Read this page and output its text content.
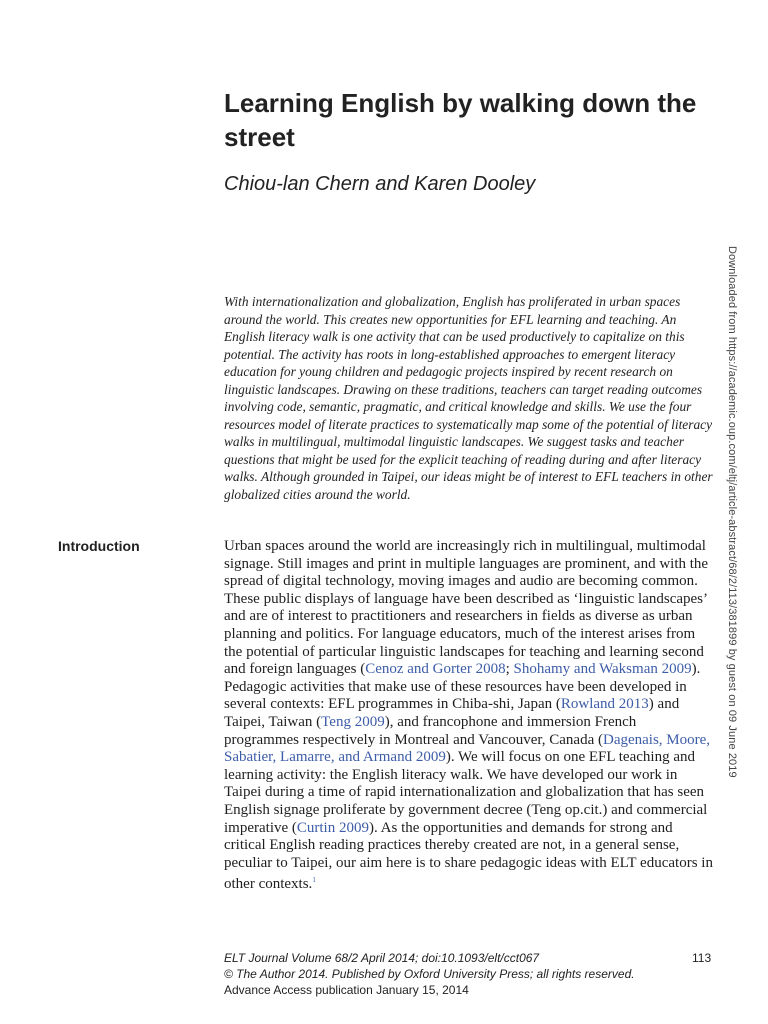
Learning English by walking down the street

Chiou-lan Chern and Karen Dooley

Downloaded from https://academic.oup.com/eltj/article-abstract/68/2/113/381899 by guest on 09 June 2019

With internationalization and globalization, English has proliferated in urban spaces around the world. This creates new opportunities for EFL learning and teaching. An English literacy walk is one activity that can be used productively to capitalize on this potential. The activity has roots in long-established approaches to emergent literacy education for young children and pedagogic projects inspired by recent research on linguistic landscapes. Drawing on these traditions, teachers can target reading outcomes involving code, semantic, pragmatic, and critical knowledge and skills. We use the four resources model of literate practices to systematically map some of the potential of literacy walks in multilingual, multimodal linguistic landscapes. We suggest tasks and teacher questions that might be used for the explicit teaching of reading during and after literacy walks. Although grounded in Taipei, our ideas might be of interest to EFL teachers in other globalized cities around the world.

Introduction	Urban spaces around the world are increasingly rich in multilingual, multimodal signage. Still images and print in multiple languages are prominent, and with the spread of digital technology, moving images and audio are becoming common. These public displays of language have been described as ‘linguistic landscapes’ and are of interest to practitioners and researchers in fields as diverse as urban planning and politics. For language educators, much of the interest arises from the potential of particular linguistic landscapes for teaching and learning second and foreign languages (Cenoz and Gorter 2008; Shohamy and Waksman 2009). Pedagogic activities that make use of these resources have been developed in several contexts: EFL programmes in Chiba-shi, Japan (Rowland 2013) and Taipei, Taiwan (Teng 2009), and francophone and immersion French programmes respectively in Montreal and Vancouver, Canada (Dagenais, Moore, Sabatier, Lamarre, and Armand 2009). We will focus on one EFL teaching and learning activity: the English literacy walk. We have developed our work in Taipei during a time of rapid internationalization and globalization that has seen English signage proliferate by government decree (Teng op.cit.) and commercial imperative (Curtin 2009). As the opportunities and demands for strong and critical English reading practices thereby created are not, in a general sense, peculiar to Taipei, our aim here is to share pedagogic ideas with ELT educators in other contexts.$^1$

ELT Journal Volume 68/2 April 2014; doi:10.1093/elt/cct067	113
© The Author 2014. Published by Oxford University Press; all rights reserved.
Advance Access publication January 15, 2014
